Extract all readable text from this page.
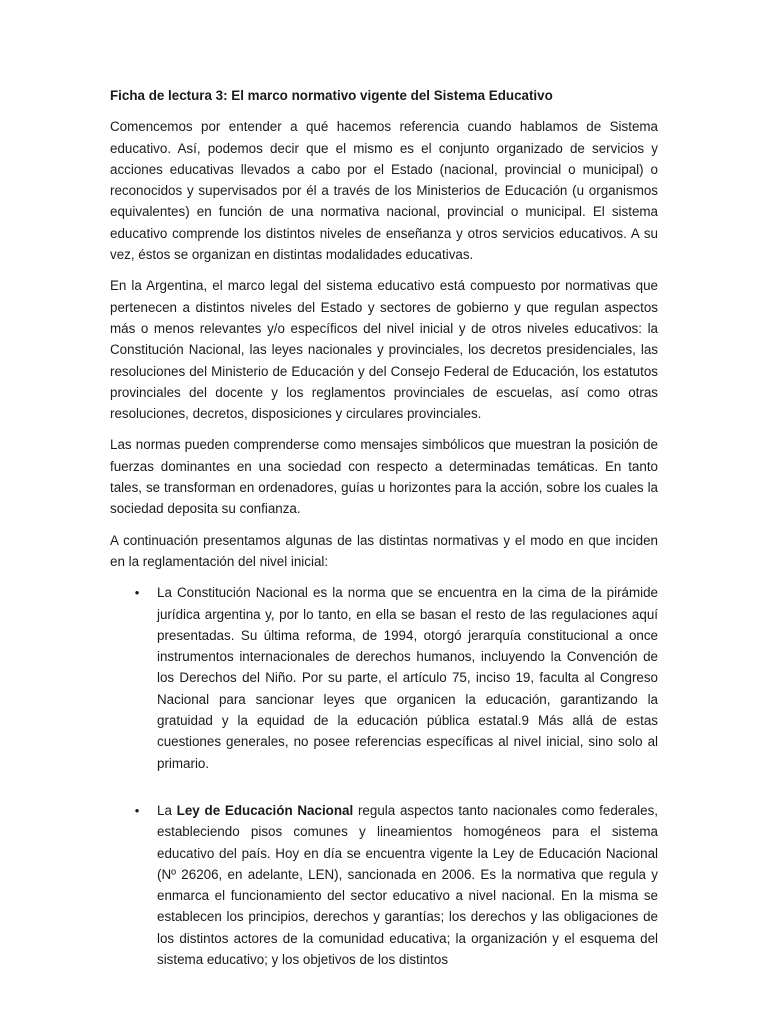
Ficha de lectura 3: El marco normativo vigente del Sistema Educativo

Comencemos por entender a qué hacemos referencia cuando hablamos de Sistema educativo. Así, podemos decir que el mismo es el conjunto organizado de servicios y acciones educativas llevados a cabo por el Estado (nacional, provincial o municipal) o reconocidos y supervisados por él a través de los Ministerios de Educación (u organismos equivalentes) en función de una normativa nacional, provincial o municipal. El sistema educativo comprende los distintos niveles de enseñanza y otros servicios educativos. A su vez, éstos se organizan en distintas modalidades educativas.

En la Argentina, el marco legal del sistema educativo está compuesto por normativas que pertenecen a distintos niveles del Estado y sectores de gobierno y que regulan aspectos más o menos relevantes y/o específicos del nivel inicial y de otros niveles educativos: la Constitución Nacional, las leyes nacionales y provinciales, los decretos presidenciales, las resoluciones del Ministerio de Educación y del Consejo Federal de Educación, los estatutos provinciales del docente y los reglamentos provinciales de escuelas, así como otras resoluciones, decretos, disposiciones y circulares provinciales.

Las normas pueden comprenderse como mensajes simbólicos que muestran la posición de fuerzas dominantes en una sociedad con respecto a determinadas temáticas. En tanto tales, se transforman en ordenadores, guías u horizontes para la acción, sobre los cuales la sociedad deposita su confianza.

A continuación presentamos algunas de las distintas normativas y el modo en que inciden en la reglamentación del nivel inicial:

• La Constitución Nacional es la norma que se encuentra en la cima de la pirámide jurídica argentina y, por lo tanto, en ella se basan el resto de las regulaciones aquí presentadas. Su última reforma, de 1994, otorgó jerarquía constitucional a once instrumentos internacionales de derechos humanos, incluyendo la Convención de los Derechos del Niño. Por su parte, el artículo 75, inciso 19, faculta al Congreso Nacional para sancionar leyes que organicen la educación, garantizando la gratuidad y la equidad de la educación pública estatal.9 Más allá de estas cuestiones generales, no posee referencias específicas al nivel inicial, sino solo al primario.
• La Ley de Educación Nacional regula aspectos tanto nacionales como federales, estableciendo pisos comunes y lineamientos homogéneos para el sistema educativo del país. Hoy en día se encuentra vigente la Ley de Educación Nacional (Nº 26206, en adelante, LEN), sancionada en 2006. Es la normativa que regula y enmarca el funcionamiento del sector educativo a nivel nacional. En la misma se establecen los principios, derechos y garantías; los derechos y las obligaciones de los distintos actores de la comunidad educativa; la organización y el esquema del sistema educativo; y los objetivos de los distintos
